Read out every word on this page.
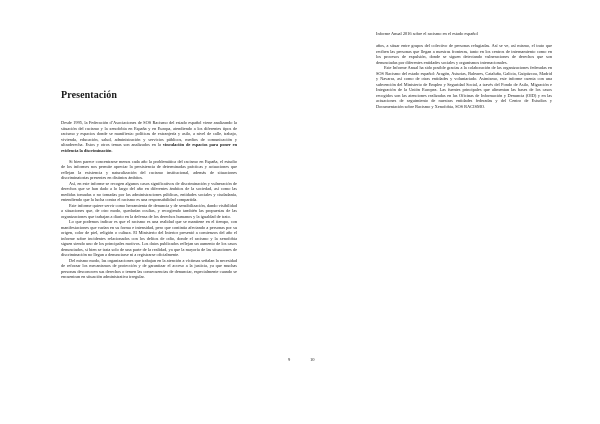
Presentación
Informe Anual 2016 sobre el racismo en el estado español

Desde 1995, la Federación d’Asociaciones de SOS Racismo del estado español viene analizando la situación del racismo y la xenofobia en España y en Europa, atendiendo a los diferentes tipos de racismo y espacios donde se manifiesta: políticas de extranjería y asilo, a nivel de calle, trabajo, vivienda, educación, salud, administración y servicios públicos, medios de comunicación y ultraderecha. Estos y otros temas son analizados en la vinculación de espacios para poner en evidencia la discriminación.

Si bien parece concentrarse menos cada año la problemática del racismo en España, el estudio de los informes nos permite apreciar la persistencia de determinadas prácticas y actuaciones que reflejan la existencia y naturalización del racismo institucional, además de situaciones discriminatorias presentes en distintos ámbitos.

Así, en este informe se recogen algunos casos significativos de discriminación y vulneración de derechos que se han dado a lo largo del año en diferentes ámbitos de la sociedad, así como las medidas tomadas o no tomadas por las administraciones públicas, entidades sociales y ciudadanía, entendiendo que la lucha contra el racismo es una responsabilidad compartida.

Este informe quiere servir como herramienta de denuncia y de sensibilización, dando visibilidad a situaciones que, de otro modo, quedarían ocultas, y recogiendo también las propuestas de las organizaciones que trabajan a diario en la defensa de los derechos humanos y la igualdad de trato.

Lo que podemos indicar es que el racismo es una realidad que se mantiene en el tiempo, con manifestaciones que varían en su forma e intensidad, pero que continúa afectando a personas por su origen, color de piel, religión o cultura. El Ministerio del Interior presentó a comienzos del año el informe sobre incidentes relacionados con los delitos de odio, donde el racismo y la xenofobia siguen siendo uno de los principales motivos. Los datos publicados reflejan un aumento de los casos denunciados, si bien se trata solo de una parte de la realidad, ya que la mayoría de las situaciones de discriminación no llegan a denunciarse ni a registrarse oficialmente.

Del mismo modo, las organizaciones que trabajan en la atención a víctimas señalan la necesidad de reforzar los mecanismos de protección y de garantizar el acceso a la justicia, ya que muchas personas desconocen sus derechos o temen las consecuencias de denunciar, especialmente cuando se encuentran en situación administrativa irregular.

años, a situar entre grupos del colectivo de personas refugiadas. Así se ve, así mismo, el trato que reciben las personas que llegan a nuestras fronteras, tanto en los centros de internamiento como en los procesos de expulsión, donde se siguen detectando vulneraciones de derechos que son denunciadas por diferentes entidades sociales y organismos internacionales.

Este Informe Anual ha sido posible gracias a la colaboración de las organizaciones federadas en SOS Racismo del estado español: Aragón, Asturias, Baleares, Cataluña, Galicia, Guipúzcoa, Madrid y Navarra, así como de otras entidades y voluntariado. Asimismo, este informe cuenta con una subvención del Ministerio de Empleo y Seguridad Social, a través del Fondo de Asilo, Migración e Integración de la Unión Europea. Las fuentes principales que alimentan las bases de los casos recogidos son las atenciones realizadas en las Oficinas de Información y Denuncia (OID) y en las actuaciones de seguimiento de nuestras entidades federadas y del Centro de Estudios y Documentación sobre Racismo y Xenofobia, SOS RACISMO.

9	10
